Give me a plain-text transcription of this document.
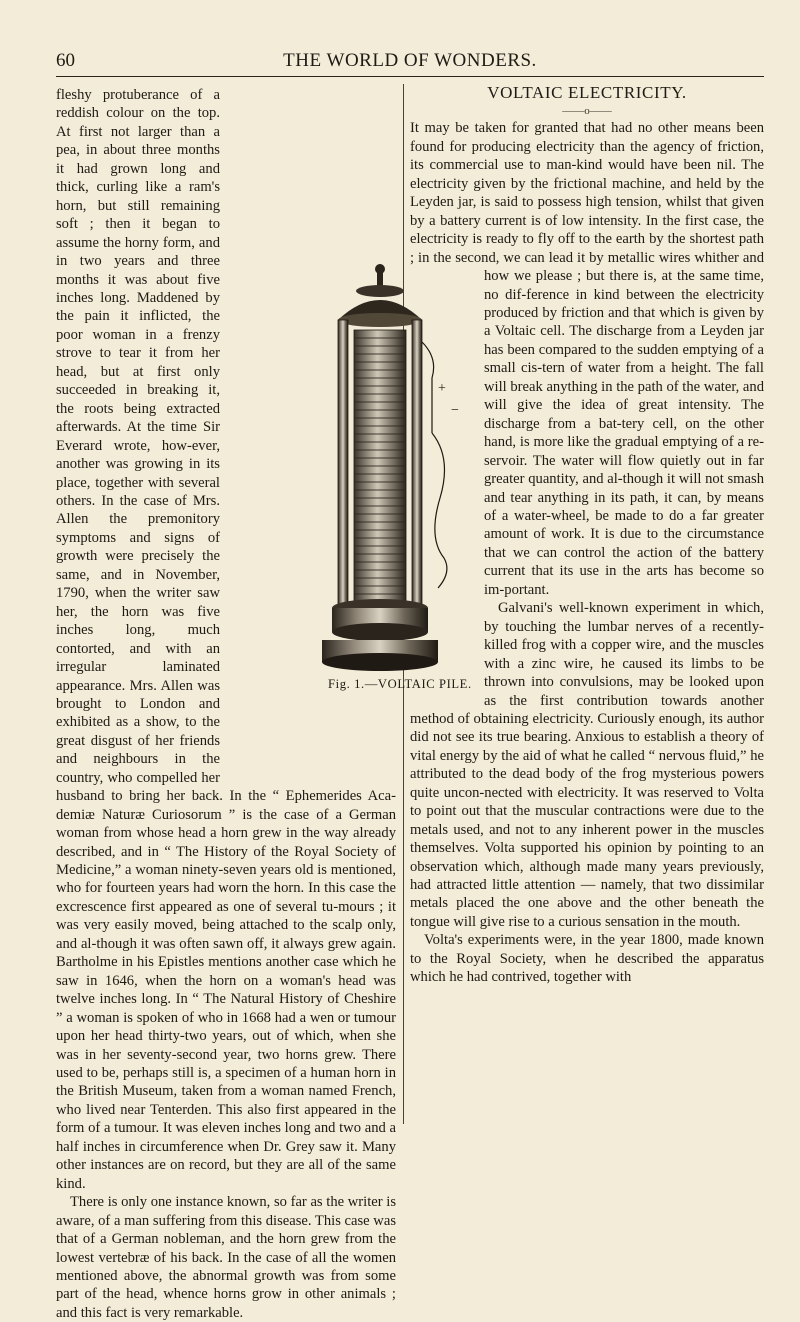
60	THE WORLD OF WONDERS.

fleshy protuberance of a reddish colour on the top. At first not larger than a pea, in about three months it had grown long and thick, curling like a ram's horn, but still remaining soft ; then it began to assume the horny form, and in two years and three months it was about five inches long. Maddened by the pain it inflicted, the poor woman in a frenzy strove to tear it from her head, but at first only succeeded in breaking it, the roots being extracted afterwards. At the time Sir Everard wrote, how-ever, another was growing in its place, together with several others. In the case of Mrs. Allen the premonitory symptoms and signs of growth were precisely the same, and in November, 1790, when the writer saw her, the horn was five inches long, much contorted, and with an irregular laminated appearance. Mrs. Allen was brought to London and exhibited as a show, to the great disgust of her friends and neighbours in the country, who compelled her husband to bring her back. In the “ Ephemerides Aca-demiæ Naturæ Curiosorum ” is the case of a German woman from whose head a horn grew in the way already described, and in “ The History of the Royal Society of Medicine,” a woman ninety-seven years old is mentioned, who for fourteen years had worn the horn. In this case the excrescence first appeared as one of several tu-mours ; it was very easily moved, being attached to the scalp only, and al-though it was often sawn off, it always grew again. Bartholme in his Epistles mentions another case which he saw in 1646, when the horn on a woman's head was twelve inches long. In “ The Natural History of Cheshire ” a woman is spoken of who in 1668 had a wen or tumour upon her head thirty-two years, out of which, when she was in her seventy-second year, two horns grew. There used to be, perhaps still is, a specimen of a human horn in the British Museum, taken from a woman named French, who lived near Tenterden. This also first appeared in the form of a tumour. It was eleven inches long and two and a half inches in circumference when Dr. Grey saw it. Many other instances are on record, but they are all of the same kind.

There is only one instance known, so far as the writer is aware, of a man suffering from this disease. This case was that of a German nobleman, and the horn grew from the lowest vertebræ of his back. In the case of all the women mentioned above, the abnormal growth was from some part of the head, whence horns grow in other animals ; and this fact is very remarkable.

VOLTAIC ELECTRICITY.
——o——

It may be taken for granted that had no other means been found for producing electricity than the agency of friction, its commercial use to man-kind would have been nil. The electricity given by the frictional machine, and held by the Leyden jar, is said to possess high tension, whilst that given by a battery current is of low intensity. In the first case, the electricity is ready to fly off to the earth by the shortest path ; in the second, we can lead it by metallic wires whither and how we please ; but there is, at the same time, no dif-ference in kind between the electricity produced by friction and that which is given by a Voltaic cell. The discharge from a Leyden jar has been compared to the sudden emptying of a small cis-tern of water from a height. The fall will break anything in the path of the water, and will give the idea of great intensity. The discharge from a bat-tery cell, on the other hand, is more like the gradual emptying of a re-servoir. The water will flow quietly out in far greater quantity, and al-though it will not smash and tear anything in its path, it can, by means of a water-wheel, be made to do a far greater amount of work. It is due to the circumstance that we can control the action of the battery current that its use in the arts has become so im-portant.

Galvani's well-known experiment in which, by touching the lumbar nerves of a recently-killed frog with a copper wire, and the muscles with a zinc wire, he caused its limbs to be thrown into convulsions, may be looked upon as the first contribution towards another method of obtaining electricity. Curiously enough, its author did not see its true bearing. Anxious to establish a theory of vital energy by the aid of what he called “ nervous fluid,” he attributed to the dead body of the frog mysterious powers quite uncon-nected with electricity. It was reserved to Volta to point out that the muscular contractions were due to the metals used, and not to any inherent power in the muscles themselves. Volta supported his opinion by pointing to an observation which, although made many years previously, had attracted little attention — namely, that two dissimilar metals placed the one above and the other beneath the tongue will give rise to a curious sensation in the mouth.

Volta's experiments were, in the year 1800, made known to the Royal Society, when he described the apparatus which he had contrived, together with

+
−
Fig. 1.—VOLTAIC PILE.
